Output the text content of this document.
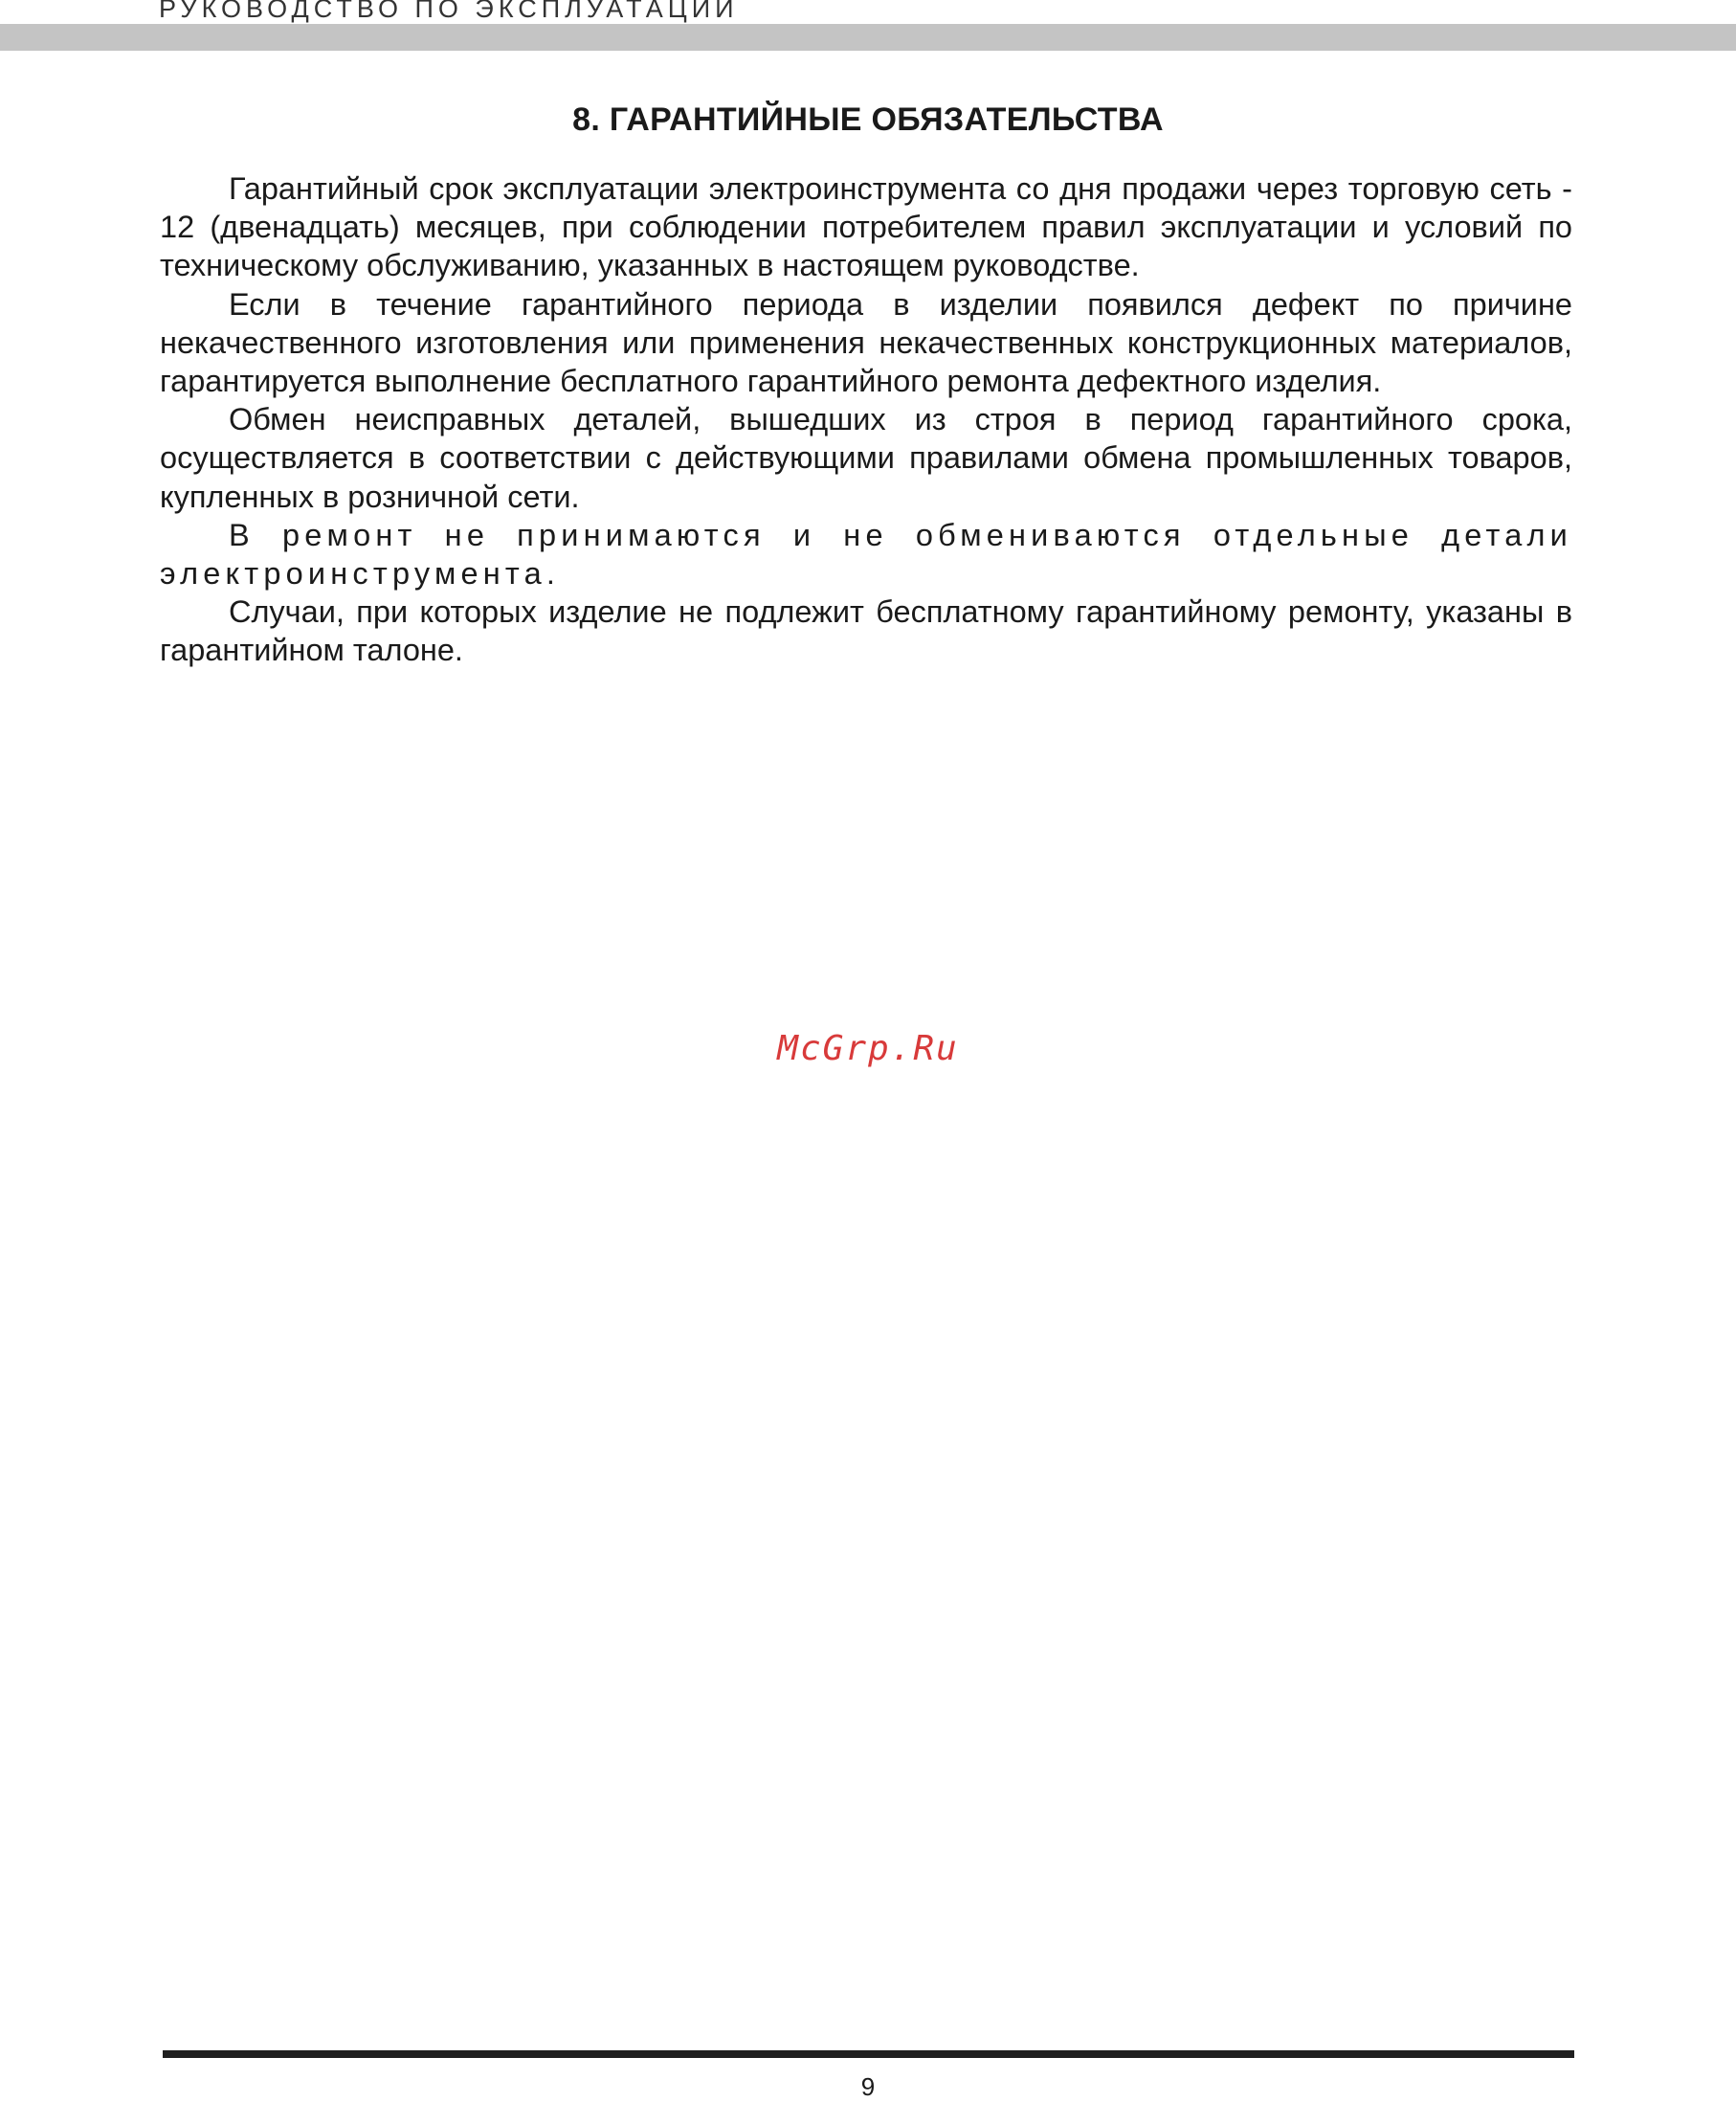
РУКОВОДСТВО ПО ЭКСПЛУАТАЦИИ
8. ГАРАНТИЙНЫЕ ОБЯЗАТЕЛЬСТВА

Гарантийный срок эксплуатации электроинструмента со дня продажи через торговую сеть - 12 (двенадцать) месяцев, при соблюдении потребителем правил эксплуатации и условий по техническому обслуживанию, указанных в настоящем руководстве.

Если в течение гарантийного периода в изделии появился дефект по причине некачественного изготовления или применения некачественных конструкционных материалов, гарантируется выполнение бесплатного гарантийного ремонта дефектного изделия.

Обмен неисправных деталей, вышедших из строя в период гарантийного срока, осуществляется в соответствии с действующими правилами обмена промышленных товаров, купленных в розничной сети.

В ремонт не принимаются и не обмениваются отдельные детали электроинструмента.

Случаи, при которых изделие не подлежит бесплатному гарантийному ремонту, указаны в гарантийном талоне.

McGrp.Ru
9
